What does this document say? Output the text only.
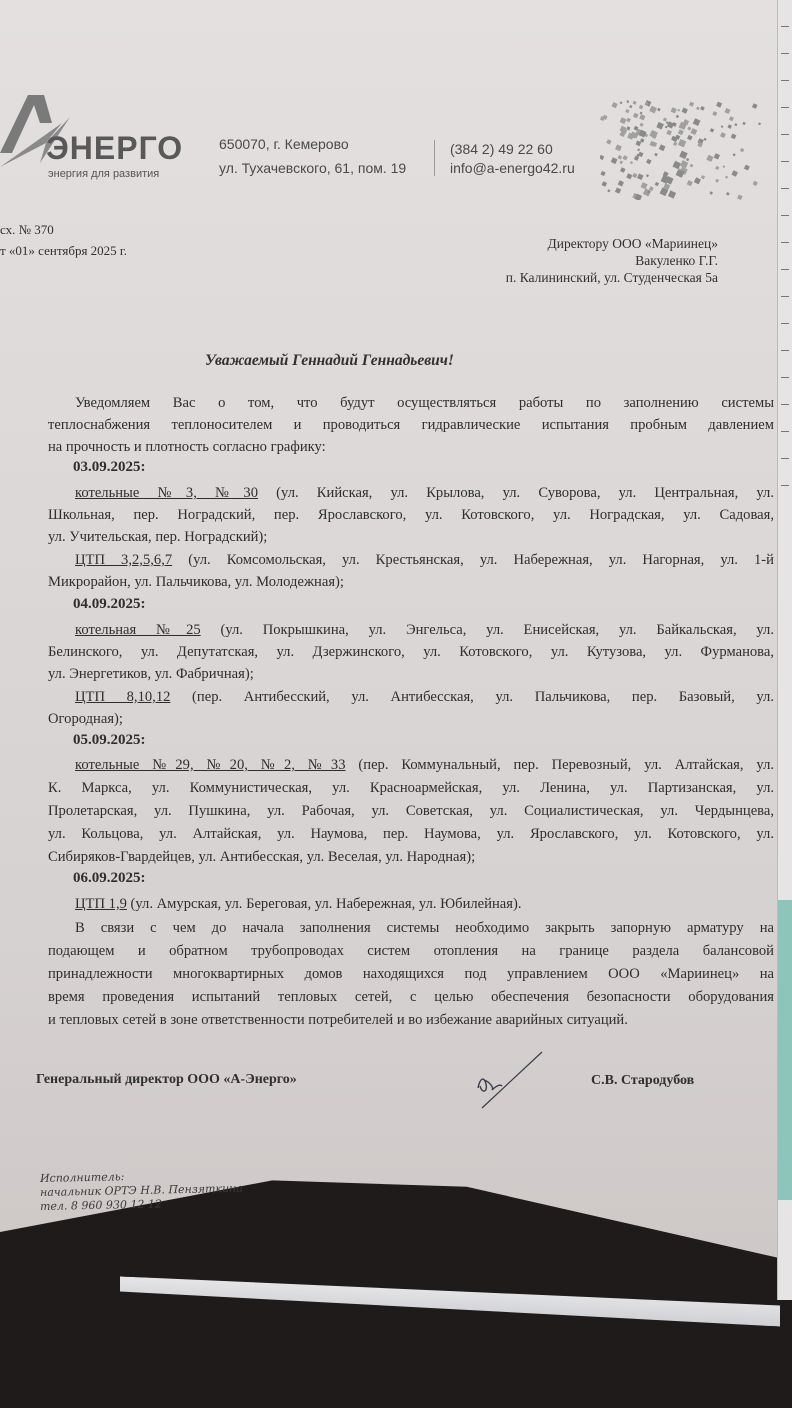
ЭНЕРГО
энергия для развития
650070, г. Кемерово
ул. Тухачевского, 61, пом. 19
(384 2) 49 22 60
info@a-energo42.ru
сх. № 370
т «01» сентября 2025 г.	Директору ООО «Мариинец»
Вакуленко Г.Г.
п. Калининский, ул. Студенческая 5а
Уважаемый Геннадий Геннадьевич!
Уведомляем Вас о том, что будут осуществляться работы по заполнению системы
теплоснабжения теплоносителем и проводиться гидравлические испытания пробным давлением
на прочность и плотность согласно графику:
03.09.2025:
котельные №3, №30 (ул. Кийская, ул. Крылова, ул. Суворова, ул. Центральная, ул.
Школьная, пер. Ноградский, пер. Ярославского, ул. Котовского, ул. Ноградская, ул. Садовая,
ул. Учительская, пер. Ноградский);
ЦТП 3,2,5,6,7 (ул. Комсомольская, ул. Крестьянская, ул. Набережная, ул. Нагорная, ул. 1-й
Микрорайон, ул. Пальчикова, ул. Молодежная);
04.09.2025:
котельная №25 (ул. Покрышкина, ул. Энгельса, ул. Енисейская, ул. Байкальская, ул.
Белинского, ул. Депутатская, ул. Дзержинского, ул. Котовского, ул. Кутузова, ул. Фурманова,
ул. Энергетиков, ул. Фабричная);
ЦТП 8,10,12 (пер. Антибесский, ул. Антибесская, ул. Пальчикова, пер. Базовый, ул.
Огородная);
05.09.2025:
котельные №29, №20, №2, №33 (пер. Коммунальный, пер. Перевозный, ул. Алтайская, ул.
К. Маркса, ул. Коммунистическая, ул. Красноармейская, ул. Ленина, ул. Партизанская, ул.
Пролетарская, ул. Пушкина, ул. Рабочая, ул. Советская, ул. Социалистическая, ул. Чердынцева,
ул. Кольцова, ул. Алтайская, ул. Наумова, пер. Наумова, ул. Ярославского, ул. Котовского, ул.
Сибиряков-Гвардейцев, ул. Антибесская, ул. Веселая, ул. Народная);
06.09.2025:
ЦТП 1,9 (ул. Амурская, ул. Береговая, ул. Набережная, ул. Юбилейная).
В связи с чем до начала заполнения системы необходимо закрыть запорную арматуру на
подающем и обратном трубопроводах систем отопления на границе раздела балансовой
принадлежности многоквартирных домов находящихся под управлением ООО «Мариинец» на
время проведения испытаний тепловых сетей, с целью обеспечения безопасности оборудования
и тепловых сетей в зоне ответственности потребителей и во избежание аварийных ситуаций.
Генеральный директор ООО «А-Энерго»	С.В. Стародубов
Исполнитель:
начальник ОРТЭ Н.В. Пензяткина
тел. 8 960 930 12 12
